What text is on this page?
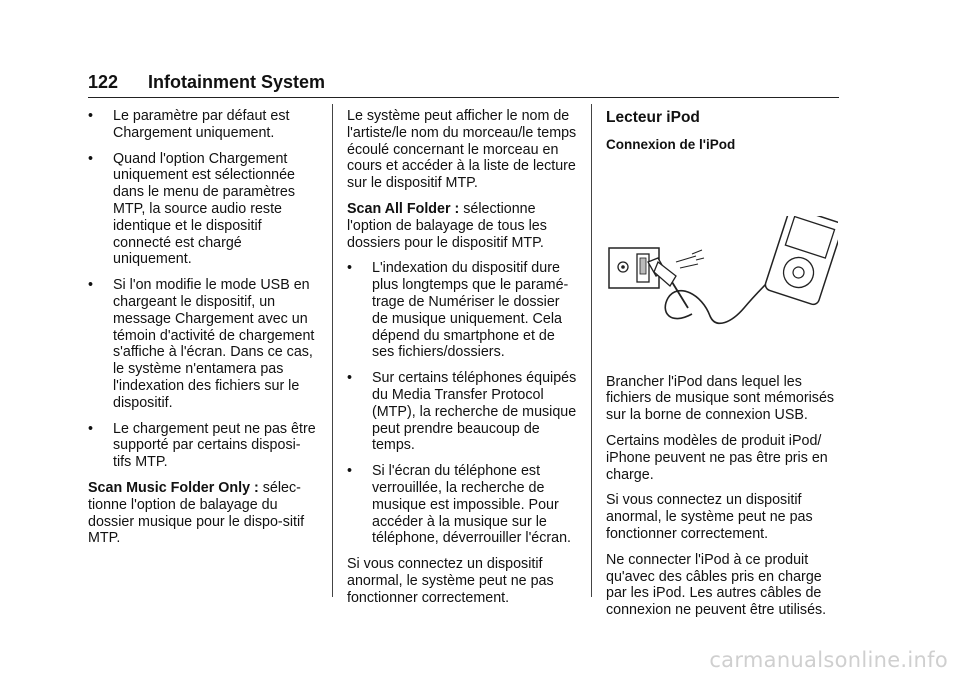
122 Infotainment System
• Le paramètre par défaut est Chargement uniquement.
• Quand l'option Chargement uniquement est sélectionnée dans le menu de paramètres MTP, la source audio reste identique et le dispositif connecté est chargé uniquement.
• Si l'on modifie le mode USB en chargeant le dispositif, un message Chargement avec un témoin d'activité de chargement s'affiche à l'écran. Dans ce cas, le système n'entamera pas l'indexation des fichiers sur le dispositif.
• Le chargement peut ne pas être supporté par certains disposi-tifs MTP.

Scan Music Folder Only : sélec-tionne l'option de balayage du dossier musique pour le dispo-sitif MTP.

Le système peut afficher le nom de l'artiste/le nom du morceau/le temps écoulé concernant le morceau en cours et accéder à la liste de lecture sur le dispositif MTP.

Scan All Folder : sélectionne l'option de balayage de tous les dossiers pour le dispositif MTP.

• L'indexation du dispositif dure plus longtemps que le paramé-trage de Numériser le dossier de musique uniquement. Cela dépend du smartphone et de ses fichiers/dossiers.
• Sur certains téléphones équipés du Media Transfer Protocol (MTP), la recherche de musique peut prendre beaucoup de temps.
• Si l'écran du téléphone est verrouillée, la recherche de musique est impossible. Pour accéder à la musique sur le téléphone, déverrouiller l'écran.

Si vous connectez un dispositif anormal, le système peut ne pas fonctionner correctement.

Lecteur iPod
Connexion de l'iPod

Brancher l'iPod dans lequel les fichiers de musique sont mémorisés sur la borne de connexion USB.

Certains modèles de produit iPod/ iPhone peuvent ne pas être pris en charge.

Si vous connectez un dispositif anormal, le système peut ne pas fonctionner correctement.

Ne connecter l'iPod à ce produit qu'avec des câbles pris en charge par les iPod. Les autres câbles de connexion ne peuvent être utilisés.

carmanualsonline.info
